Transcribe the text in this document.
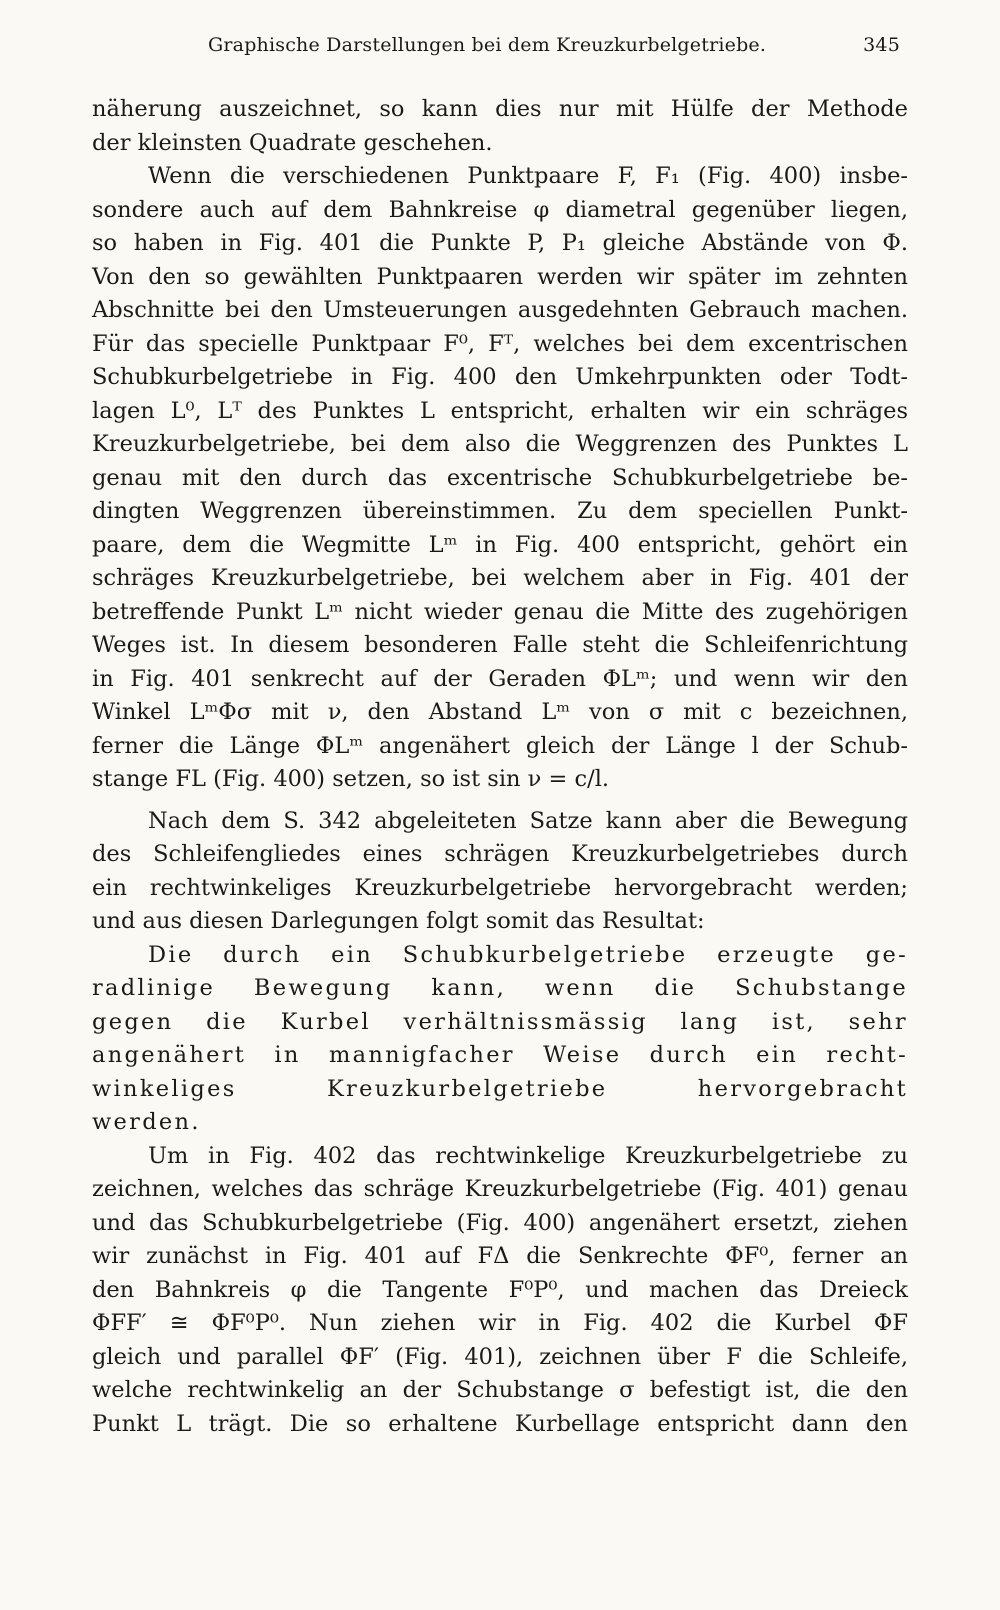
Graphische Darstellungen bei dem Kreuzkurbelgetriebe.	345
näherung auszeichnet, so kann dies nur mit Hülfe der Methode
der kleinsten Quadrate geschehen.
Wenn die verschiedenen Punktpaare F, F₁ (Fig. 400) insbe-
sondere auch auf dem Bahnkreise φ diametral gegenüber liegen,
so haben in Fig. 401 die Punkte P, P₁ gleiche Abstände von Φ.
Von den so gewählten Punktpaaren werden wir später im zehnten
Abschnitte bei den Umsteuerungen ausgedehnten Gebrauch machen.
Für das specielle Punktpaar F⁰, Fᵀ, welches bei dem excentrischen
Schubkurbelgetriebe in Fig. 400 den Umkehrpunkten oder Todt-
lagen L⁰, Lᵀ des Punktes L entspricht, erhalten wir ein schräges
Kreuzkurbelgetriebe, bei dem also die Weggrenzen des Punktes L
genau mit den durch das excentrische Schubkurbelgetriebe be-
dingten Weggrenzen übereinstimmen. Zu dem speciellen Punkt-
paare, dem die Wegmitte Lᵐ in Fig. 400 entspricht, gehört ein
schräges Kreuzkurbelgetriebe, bei welchem aber in Fig. 401 der
betreffende Punkt Lᵐ nicht wieder genau die Mitte des zugehörigen
Weges ist. In diesem besonderen Falle steht die Schleifenrichtung
in Fig. 401 senkrecht auf der Geraden ΦLᵐ; und wenn wir den
Winkel LᵐΦσ mit ν, den Abstand Lᵐ von σ mit c bezeichnen,
ferner die Länge ΦLᵐ angenähert gleich der Länge l der Schub-
stange FL (Fig. 400) setzen, so ist sin ν = c/l.
Nach dem S. 342 abgeleiteten Satze kann aber die Bewegung
des Schleifengliedes eines schrägen Kreuzkurbelgetriebes durch
ein rechtwinkeliges Kreuzkurbelgetriebe hervorgebracht werden;
und aus diesen Darlegungen folgt somit das Resultat:
Die durch ein Schubkurbelgetriebe erzeugte ge-
radlinige Bewegung kann, wenn die Schubstange
gegen die Kurbel verhältnissmässig lang ist, sehr
angenähert in mannigfacher Weise durch ein recht-
winkeliges Kreuzkurbelgetriebe hervorgebracht
werden.
Um in Fig. 402 das rechtwinkelige Kreuzkurbelgetriebe zu
zeichnen, welches das schräge Kreuzkurbelgetriebe (Fig. 401) genau
und das Schubkurbelgetriebe (Fig. 400) angenähert ersetzt, ziehen
wir zunächst in Fig. 401 auf FΔ die Senkrechte ΦF⁰, ferner an
den Bahnkreis φ die Tangente F⁰P⁰, und machen das Dreieck
ΦFF′ ≅ ΦF⁰P⁰. Nun ziehen wir in Fig. 402 die Kurbel ΦF
gleich und parallel ΦF′ (Fig. 401), zeichnen über F die Schleife,
welche rechtwinkelig an der Schubstange σ befestigt ist, die den
Punkt L trägt. Die so erhaltene Kurbellage entspricht dann den
